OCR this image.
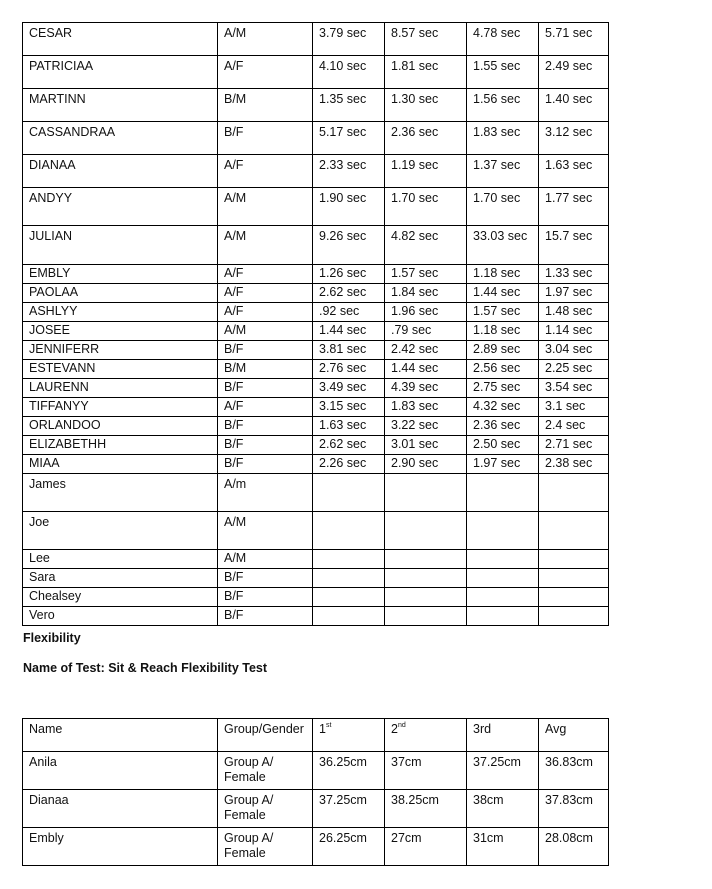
CESAR	A/M	3.79 sec	8.57 sec	4.78 sec	5.71 sec
PATRICIAA	A/F	4.10 sec	1.81 sec	1.55 sec	2.49 sec
MARTINN	B/M	1.35 sec	1.30 sec	1.56 sec	1.40 sec
CASSANDRAA	B/F	5.17 sec	2.36 sec	1.83 sec	3.12 sec
DIANAA	A/F	2.33 sec	1.19 sec	1.37 sec	1.63 sec
ANDYY	A/M	1.90 sec	1.70 sec	1.70 sec	1.77 sec
JULIAN	A/M	9.26 sec	4.82 sec	33.03 sec	15.7 sec
EMBLY	A/F	1.26 sec	1.57 sec	1.18 sec	1.33 sec
PAOLAA	A/F	2.62 sec	1.84 sec	1.44 sec	1.97 sec
ASHLYY	A/F	.92 sec	1.96 sec	1.57 sec	1.48 sec
JOSEE	A/M	1.44 sec	.79 sec	1.18 sec	1.14 sec
JENNIFERR	B/F	3.81 sec	2.42 sec	2.89 sec	3.04 sec
ESTEVANN	B/M	2.76 sec	1.44 sec	2.56 sec	2.25 sec
LAURENN	B/F	3.49 sec	4.39 sec	2.75 sec	3.54 sec
TIFFANYY	A/F	3.15 sec	1.83 sec	4.32 sec	3.1 sec
ORLANDOO	B/F	1.63 sec	3.22 sec	2.36 sec	2.4 sec
ELIZABETHH	B/F	2.62 sec	3.01 sec	2.50 sec	2.71 sec
MIAA	B/F	2.26 sec	2.90 sec	1.97 sec	2.38 sec
James	A/m				
Joe	A/M				
Lee	A/M				
Sara	B/F				
Chealsey	B/F				
Vero	B/F				
Flexibility
Name of Test: Sit & Reach Flexibility Test
Name	Group/Gender	1st	2nd	3rd	Avg
Anila	Group A/ Female	36.25cm	37cm	37.25cm	36.83cm
Dianaa	Group A/ Female	37.25cm	38.25cm	38cm	37.83cm
Embly	Group A/ Female	26.25cm	27cm	31cm	28.08cm
